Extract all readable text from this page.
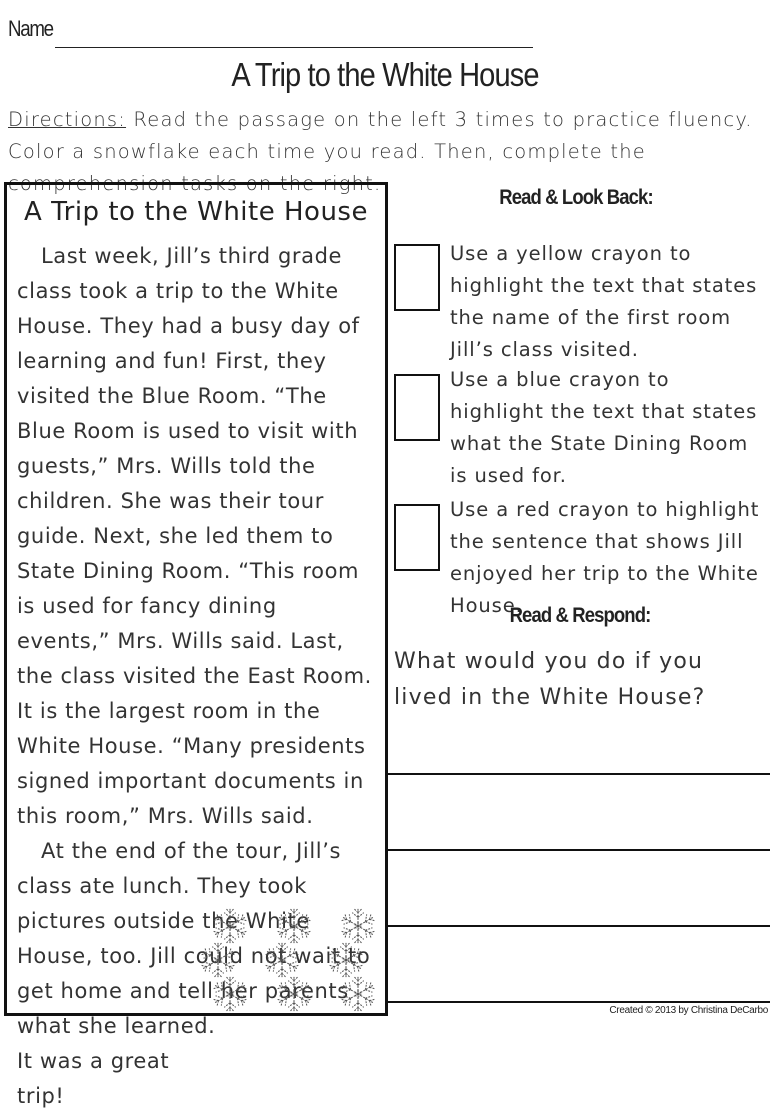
Name
A Trip to the White House
Directions: Read the passage on the left 3 times to practice fluency. Color a snowflake each time you read. Then, complete the comprehension tasks on the right.
A Trip to the White House

Last week, Jill’s third grade class took a trip to the White House. They had a busy day of learning and fun! First, they visited the Blue Room. “The Blue Room is used to visit with guests,” Mrs. Wills told the children. She was their tour guide. Next, she led them to State Dining Room. “This room is used for fancy dining events,” Mrs. Wills said. Last, the class visited the East Room. It is the largest room in the White House. “Many presidents signed important documents in this room,” Mrs. Wills said.

At the end of the tour, Jill’s class ate lunch. They took pictures outside the White House, too. Jill could not wait to get home and tell her parents what she learned.

It was a great
trip!
Read & Look Back:
Use a yellow crayon to highlight the text that states the name of the first room Jill’s class visited.
Use a blue crayon to highlight the text that states what the State Dining Room is used for.
Use a red crayon to highlight the sentence that shows Jill enjoyed her trip to the White House.
Read & Respond:
What would you do if you lived in the White House?
Created © 2013 by Christina DeCarbo
